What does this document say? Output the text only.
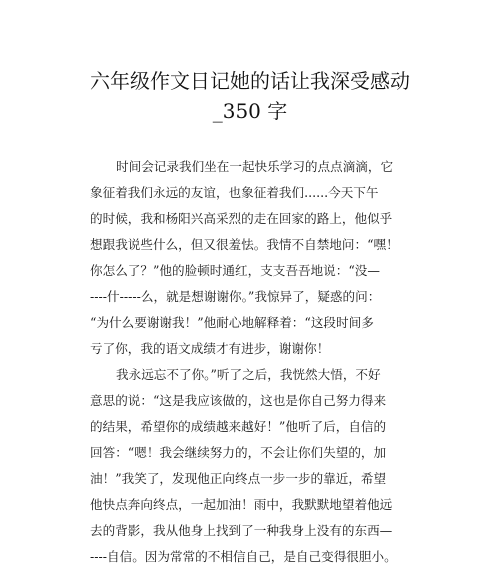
六年级作文日记她的话让我深受感动
_350 字
时间会记录我们坐在一起快乐学习的点点滴滴，它
象征着我们永远的友谊，也象征着我们......今天下午
的时候，我和杨阳兴高采烈的走在回家的路上，他似乎
想跟我说些什么，但又很羞怯。我情不自禁地问：“嘿！
你怎么了？”他的脸顿时通红，支支吾吾地说：“没—
----什-----么，就是想谢谢你。”我惊异了，疑惑的问：
“为什么要谢谢我！”他耐心地解释着：“这段时间多
亏了你，我的语文成绩才有进步，谢谢你！
我永远忘不了你。”听了之后，我恍然大悟，不好
意思的说：“这是我应该做的，这也是你自己努力得来
的结果，希望你的成绩越来越好！”他听了后，自信的
回答：“嗯！我会继续努力的，不会让你们失望的，加
油！”我笑了，发现他正向终点一步一步的靠近，希望
他快点奔向终点，一起加油！雨中，我默默地望着他远
去的背影，我从他身上找到了一种我身上没有的东西—
----自信。因为常常的不相信自己，是自己变得很胆小。
